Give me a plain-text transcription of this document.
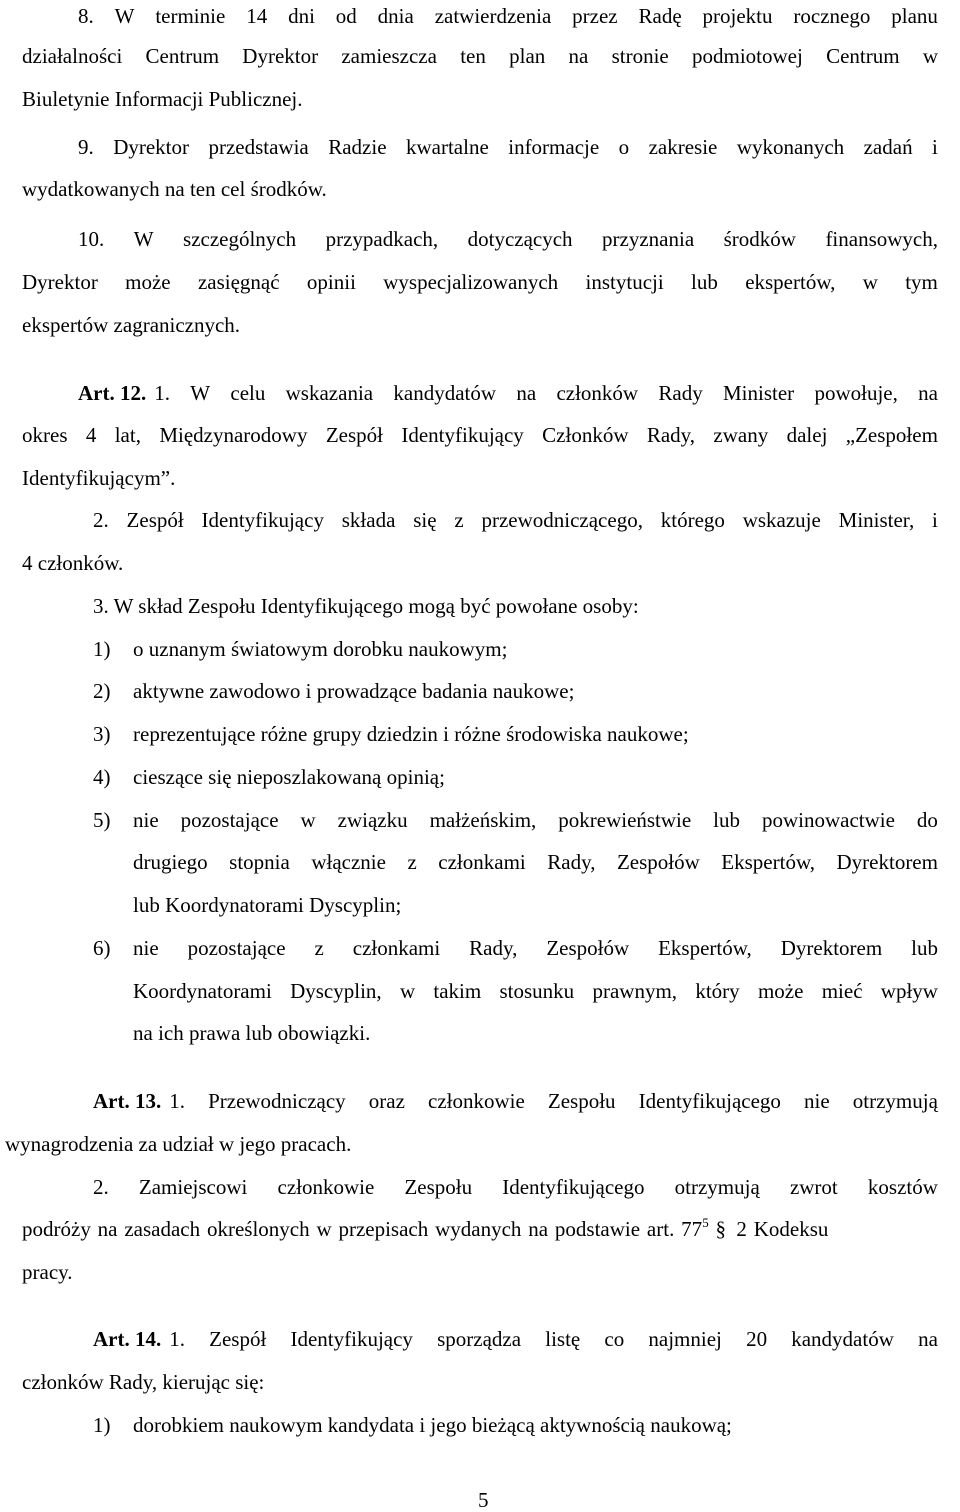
8. W terminie 14 dni od dnia zatwierdzenia przez Radę projektu rocznego planu
działalności Centrum Dyrektor zamieszcza ten plan na stronie podmiotowej Centrum w
Biuletynie Informacji Publicznej.
9. Dyrektor przedstawia Radzie kwartalne informacje o zakresie wykonanych zadań i
wydatkowanych na ten cel środków.
10. W szczególnych przypadkach, dotyczących przyznania środków finansowych,
Dyrektor może zasięgnąć opinii wyspecjalizowanych instytucji lub ekspertów, w tym
ekspertów zagranicznych.
Art. 12. 1. W celu wskazania kandydatów na członków Rady Minister powołuje, na
okres 4 lat, Międzynarodowy Zespół Identyfikujący Członków Rady, zwany dalej „Zespołem
Identyfikującym”.
2. Zespół Identyfikujący składa się z przewodniczącego, którego wskazuje Minister, i
4 członków.
3. W skład Zespołu Identyfikującego mogą być powołane osoby:
1)	o uznanym światowym dorobku naukowym;
2)	aktywne zawodowo i prowadzące badania naukowe;
3)	reprezentujące różne grupy dziedzin i różne środowiska naukowe;
4)	cieszące się nieposzlakowaną opinią;
5)	nie pozostające w związku małżeńskim, pokrewieństwie lub powinowactwie do
drugiego stopnia włącznie z członkami Rady, Zespołów Ekspertów, Dyrektorem
lub Koordynatorami Dyscyplin;
6)	nie pozostające z członkami Rady, Zespołów Ekspertów, Dyrektorem lub
Koordynatorami Dyscyplin, w takim stosunku prawnym, który może mieć wpływ
na ich prawa lub obowiązki.
Art. 13. 1. Przewodniczący oraz członkowie Zespołu Identyfikującego nie otrzymują
wynagrodzenia za udział w jego pracach.
2. Zamiejscowi członkowie Zespołu Identyfikującego otrzymują zwrot kosztów
podróży na zasadach określonych w przepisach wydanych na podstawie art. $77^5$ § 2 Kodeksu
pracy.
Art. 14. 1. Zespół Identyfikujący sporządza listę co najmniej 20 kandydatów na
członków Rady, kierując się:
1)	dorobkiem naukowym kandydata i jego bieżącą aktywnością naukową;
5
